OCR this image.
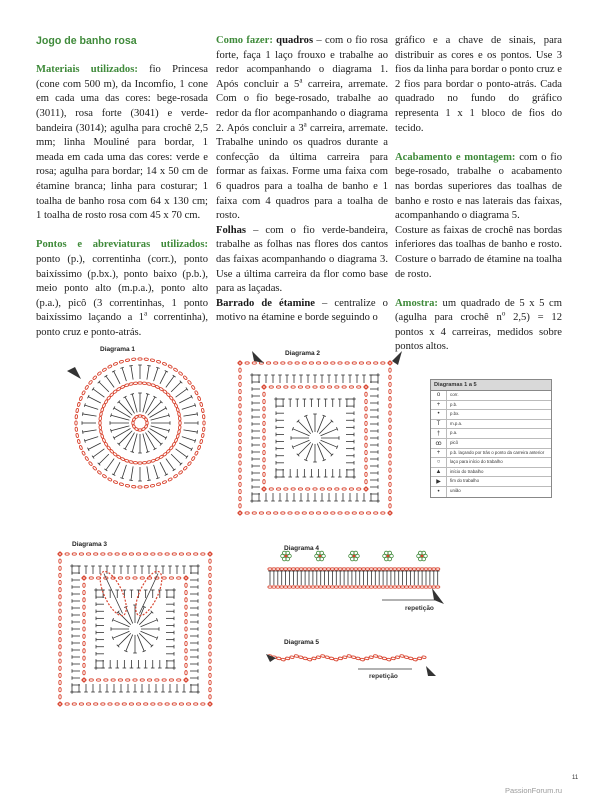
Jogo de banho rosa

Materiais utilizados: fio Princesa (cone com 500 m), da Incomfio, 1 cone em cada uma das cores: bege-rosada (3011), rosa forte (3041) e verde-bandeira (3014); agulha para crochê 2,5 mm; linha Mouliné para bordar, 1 meada em cada uma das cores: verde e rosa; agulha para bordar; 14 x 50 cm de étamine branca; linha para costurar; 1 toalha de banho rosa com 64 x 130 cm; 1 toalha de rosto rosa com 45 x 70 cm.

Pontos e abreviaturas utilizados: ponto (p.), correntinha (corr.), ponto baixíssimo (p.bx.), ponto baixo (p.b.), meio ponto alto (m.p.a.), ponto alto (p.a.), picô (3 correntinhas, 1 ponto baixíssimo laçando a 1$^a$ correntinha), ponto cruz e ponto-atrás.

Como fazer: quadros – com o fio rosa forte, faça 1 laço frouxo e trabalhe ao redor acompanhando o diagrama 1. Após concluir a 5$^a$ carreira, arremate. Com o fio bege-rosado, trabalhe ao redor da flor acompanhando o diagrama 2. Após concluir a 3$^a$ carreira, arremate. Trabalhe unindo os quadros durante a confecção da última carreira para formar as faixas. Forme uma faixa com 6 quadros para a toalha de banho e 1 faixa com 4 quadros para a toalha de rosto.

Folhas – com o fio verde-bandeira, trabalhe as folhas nas flores dos cantos das faixas acompanhando o diagrama 3. Use a última carreira da flor como base para as laçadas.

Barrado de étamine – centralize o motivo na étamine e borde seguindo o

gráfico e a chave de sinais, para distribuir as cores e os pontos. Use 3 fios da linha para bordar o ponto cruz e 2 fios para bordar o ponto-atrás. Cada quadrado no fundo do gráfico representa 1 x 1 bloco de fios do tecido.

Acabamento e montagem: com o fio bege-rosado, trabalhe o acabamento nas bordas superiores das toalhas de banho e rosto e nas laterais das faixas, acompanhando o diagrama 5.

Costure as faixas de crochê nas bordas inferiores das toalhas de banho e rosto. Costure o barrado de étamine na toalha de rosto.

Amostra: um quadrado de 5 x 5 cm (agulha para crochê $n^o$ 2,5) = 12 pontos x 4 carreiras, medidos sobre pontos altos.

Diagrama 1
Diagrama 2
Diagramas 1 a 5
o	corr.
+	p.b.
•	p.bx.
T	m.p.a.
†	p.a.
ꝏ	picô
+	p.b. laçando por trás o ponto da carreira anterior
○	laço para início do trabalho
▲	início do trabalho
▶	fim do trabalho
•	união
Diagrama 3
Diagrama 4
repetição
Diagrama 5
repetição
11
PassionForum.ru
